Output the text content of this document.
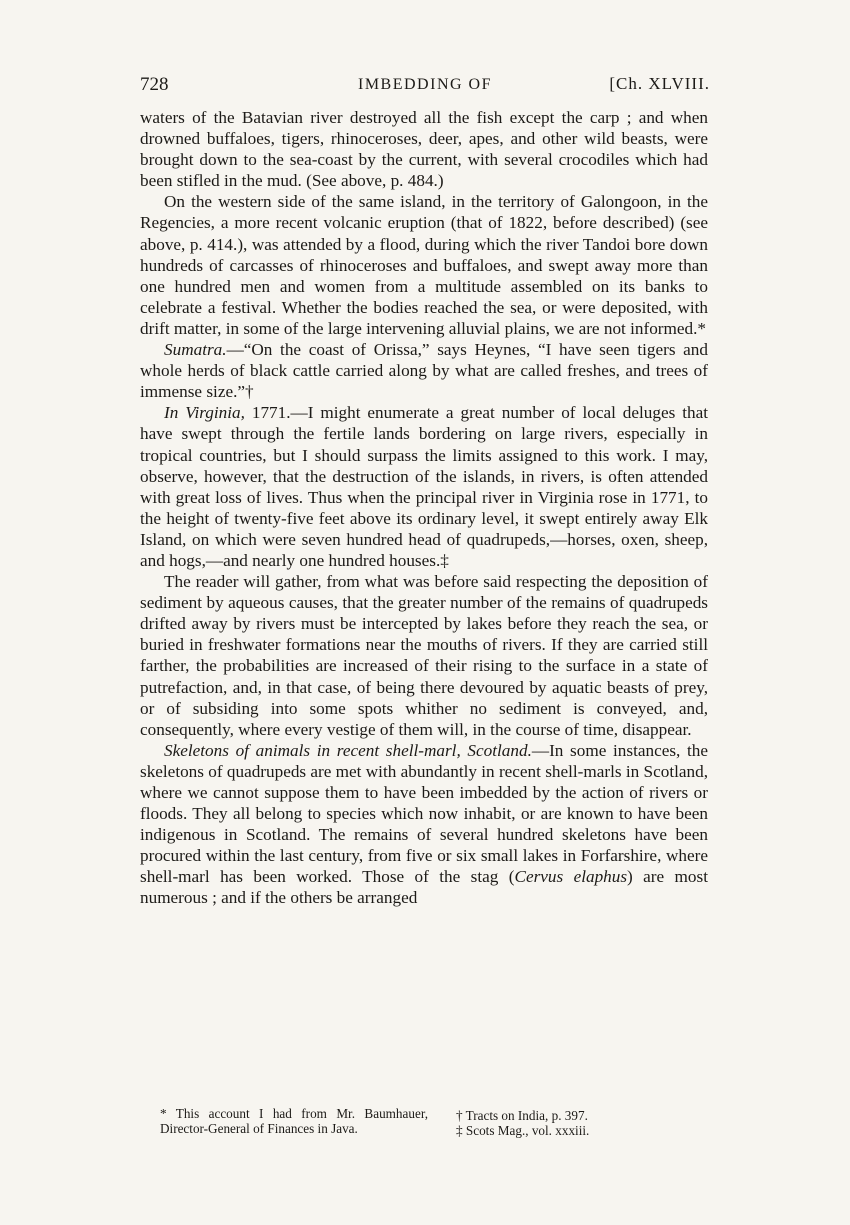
728	IMBEDDING OF	[Ch. XLVIII.

waters of the Batavian river destroyed all the fish except the carp ; and when drowned buffaloes, tigers, rhinoceroses, deer, apes, and other wild beasts, were brought down to the sea-coast by the current, with several crocodiles which had been stifled in the mud. (See above, p. 484.)

On the western side of the same island, in the territory of Galongoon, in the Regencies, a more recent volcanic eruption (that of 1822, before described) (see above, p. 414.), was attended by a flood, during which the river Tandoi bore down hundreds of carcasses of rhinoceroses and buffaloes, and swept away more than one hundred men and women from a multitude assembled on its banks to celebrate a festival. Whether the bodies reached the sea, or were deposited, with drift matter, in some of the large intervening alluvial plains, we are not informed.*

Sumatra.—“On the coast of Orissa,” says Heynes, “I have seen tigers and whole herds of black cattle carried along by what are called freshes, and trees of immense size.”†

In Virginia, 1771.—I might enumerate a great number of local deluges that have swept through the fertile lands bordering on large rivers, especially in tropical countries, but I should surpass the limits assigned to this work. I may, observe, however, that the destruction of the islands, in rivers, is often attended with great loss of lives. Thus when the principal river in Virginia rose in 1771, to the height of twenty-five feet above its ordinary level, it swept entirely away Elk Island, on which were seven hundred head of quadrupeds,—horses, oxen, sheep, and hogs,—and nearly one hundred houses.‡

The reader will gather, from what was before said respecting the deposition of sediment by aqueous causes, that the greater number of the remains of quadrupeds drifted away by rivers must be intercepted by lakes before they reach the sea, or buried in freshwater formations near the mouths of rivers. If they are carried still farther, the probabilities are increased of their rising to the surface in a state of putrefaction, and, in that case, of being there devoured by aquatic beasts of prey, or of subsiding into some spots whither no sediment is conveyed, and, consequently, where every vestige of them will, in the course of time, disappear.

Skeletons of animals in recent shell-marl, Scotland.—In some instances, the skeletons of quadrupeds are met with abundantly in recent shell-marls in Scotland, where we cannot suppose them to have been imbedded by the action of rivers or floods. They all belong to species which now inhabit, or are known to have been indigenous in Scotland. The remains of several hundred skeletons have been procured within the last century, from five or six small lakes in Forfarshire, where shell-marl has been worked. Those of the stag (Cervus elaphus) are most numerous ; and if the others be arranged

* This account I had from Mr. Baumhauer, Director-General of Finances in Java.
† Tracts on India, p. 397.
‡ Scots Mag., vol. xxxiii.
